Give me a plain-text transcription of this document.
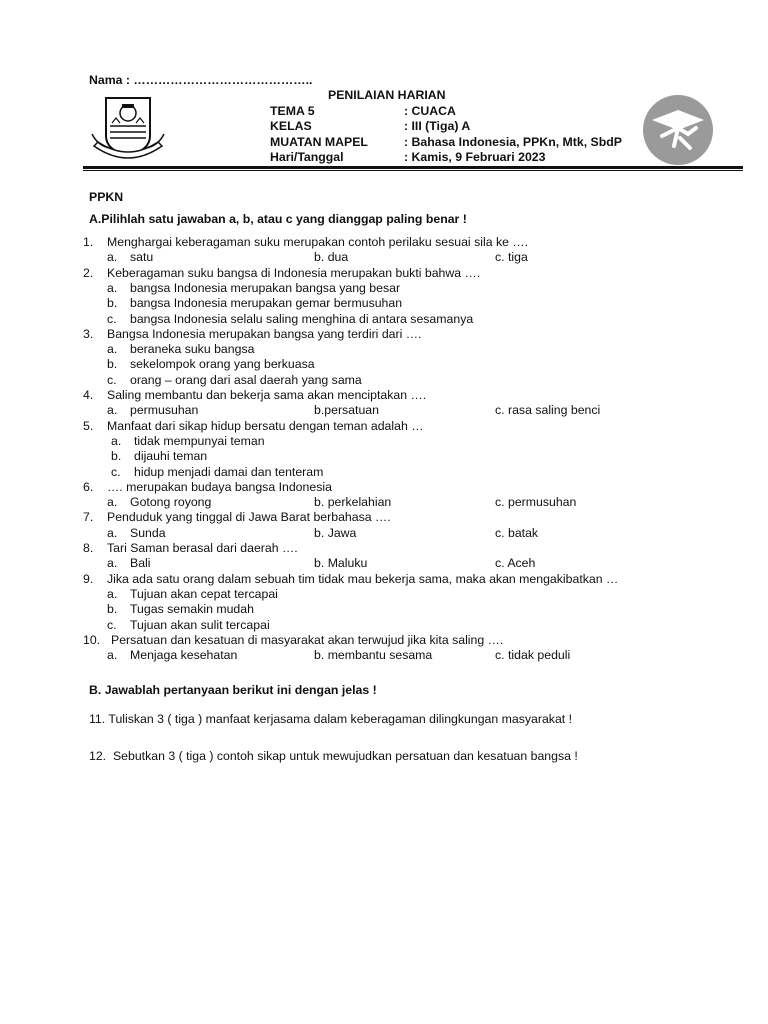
Nama : ……………………………………..
PENILAIAN HARIAN
TEMA 5	: CUACA
KELAS	: III (Tiga) A
MUATAN MAPEL	: Bahasa Indonesia, PPKn, Mtk, SbdP
Hari/Tanggal	: Kamis, 9 Februari 2023
PPKN
A.Pilihlah satu jawaban a, b, atau c yang dianggap paling benar !
1. Menghargai keberagaman suku merupakan contoh perilaku sesuai sila ke ….
a. satu	b. dua	c. tiga
2. Keberagaman suku bangsa di Indonesia merupakan bukti bahwa ….
a. bangsa Indonesia merupakan bangsa yang besar
b. bangsa Indonesia merupakan gemar bermusuhan
c. bangsa Indonesia selalu saling menghina di antara sesamanya
3. Bangsa Indonesia merupakan bangsa yang terdiri dari ….
a. beraneka suku bangsa
b. sekelompok orang yang berkuasa
c. orang – orang dari asal daerah yang sama
4. Saling membantu dan bekerja sama akan menciptakan ….
a. permusuhan	b.persatuan	c. rasa saling benci
5. Manfaat dari sikap hidup bersatu dengan teman adalah …
a. tidak mempunyai teman
b. dijauhi teman
c. hidup menjadi damai dan tenteram
6. …. merupakan budaya bangsa Indonesia
a. Gotong royong	b. perkelahian	c. permusuhan
7. Penduduk yang tinggal di Jawa Barat berbahasa ….
a. Sunda	b. Jawa	c. batak
8. Tari Saman berasal dari daerah ….
a. Bali	b. Maluku	c. Aceh
9. Jika ada satu orang dalam sebuah tim tidak mau bekerja sama, maka akan mengakibatkan …
a. Tujuan akan cepat tercapai
b. Tugas semakin mudah
c. Tujuan akan sulit tercapai
10. Persatuan dan kesatuan di masyarakat akan terwujud jika kita saling ….
a. Menjaga kesehatan	b. membantu sesama	c. tidak peduli
B. Jawablah pertanyaan berikut ini dengan jelas !
11. Tuliskan 3 ( tiga ) manfaat kerjasama dalam keberagaman dilingkungan masyarakat !
12. Sebutkan 3 ( tiga ) contoh sikap untuk mewujudkan persatuan dan kesatuan bangsa !
